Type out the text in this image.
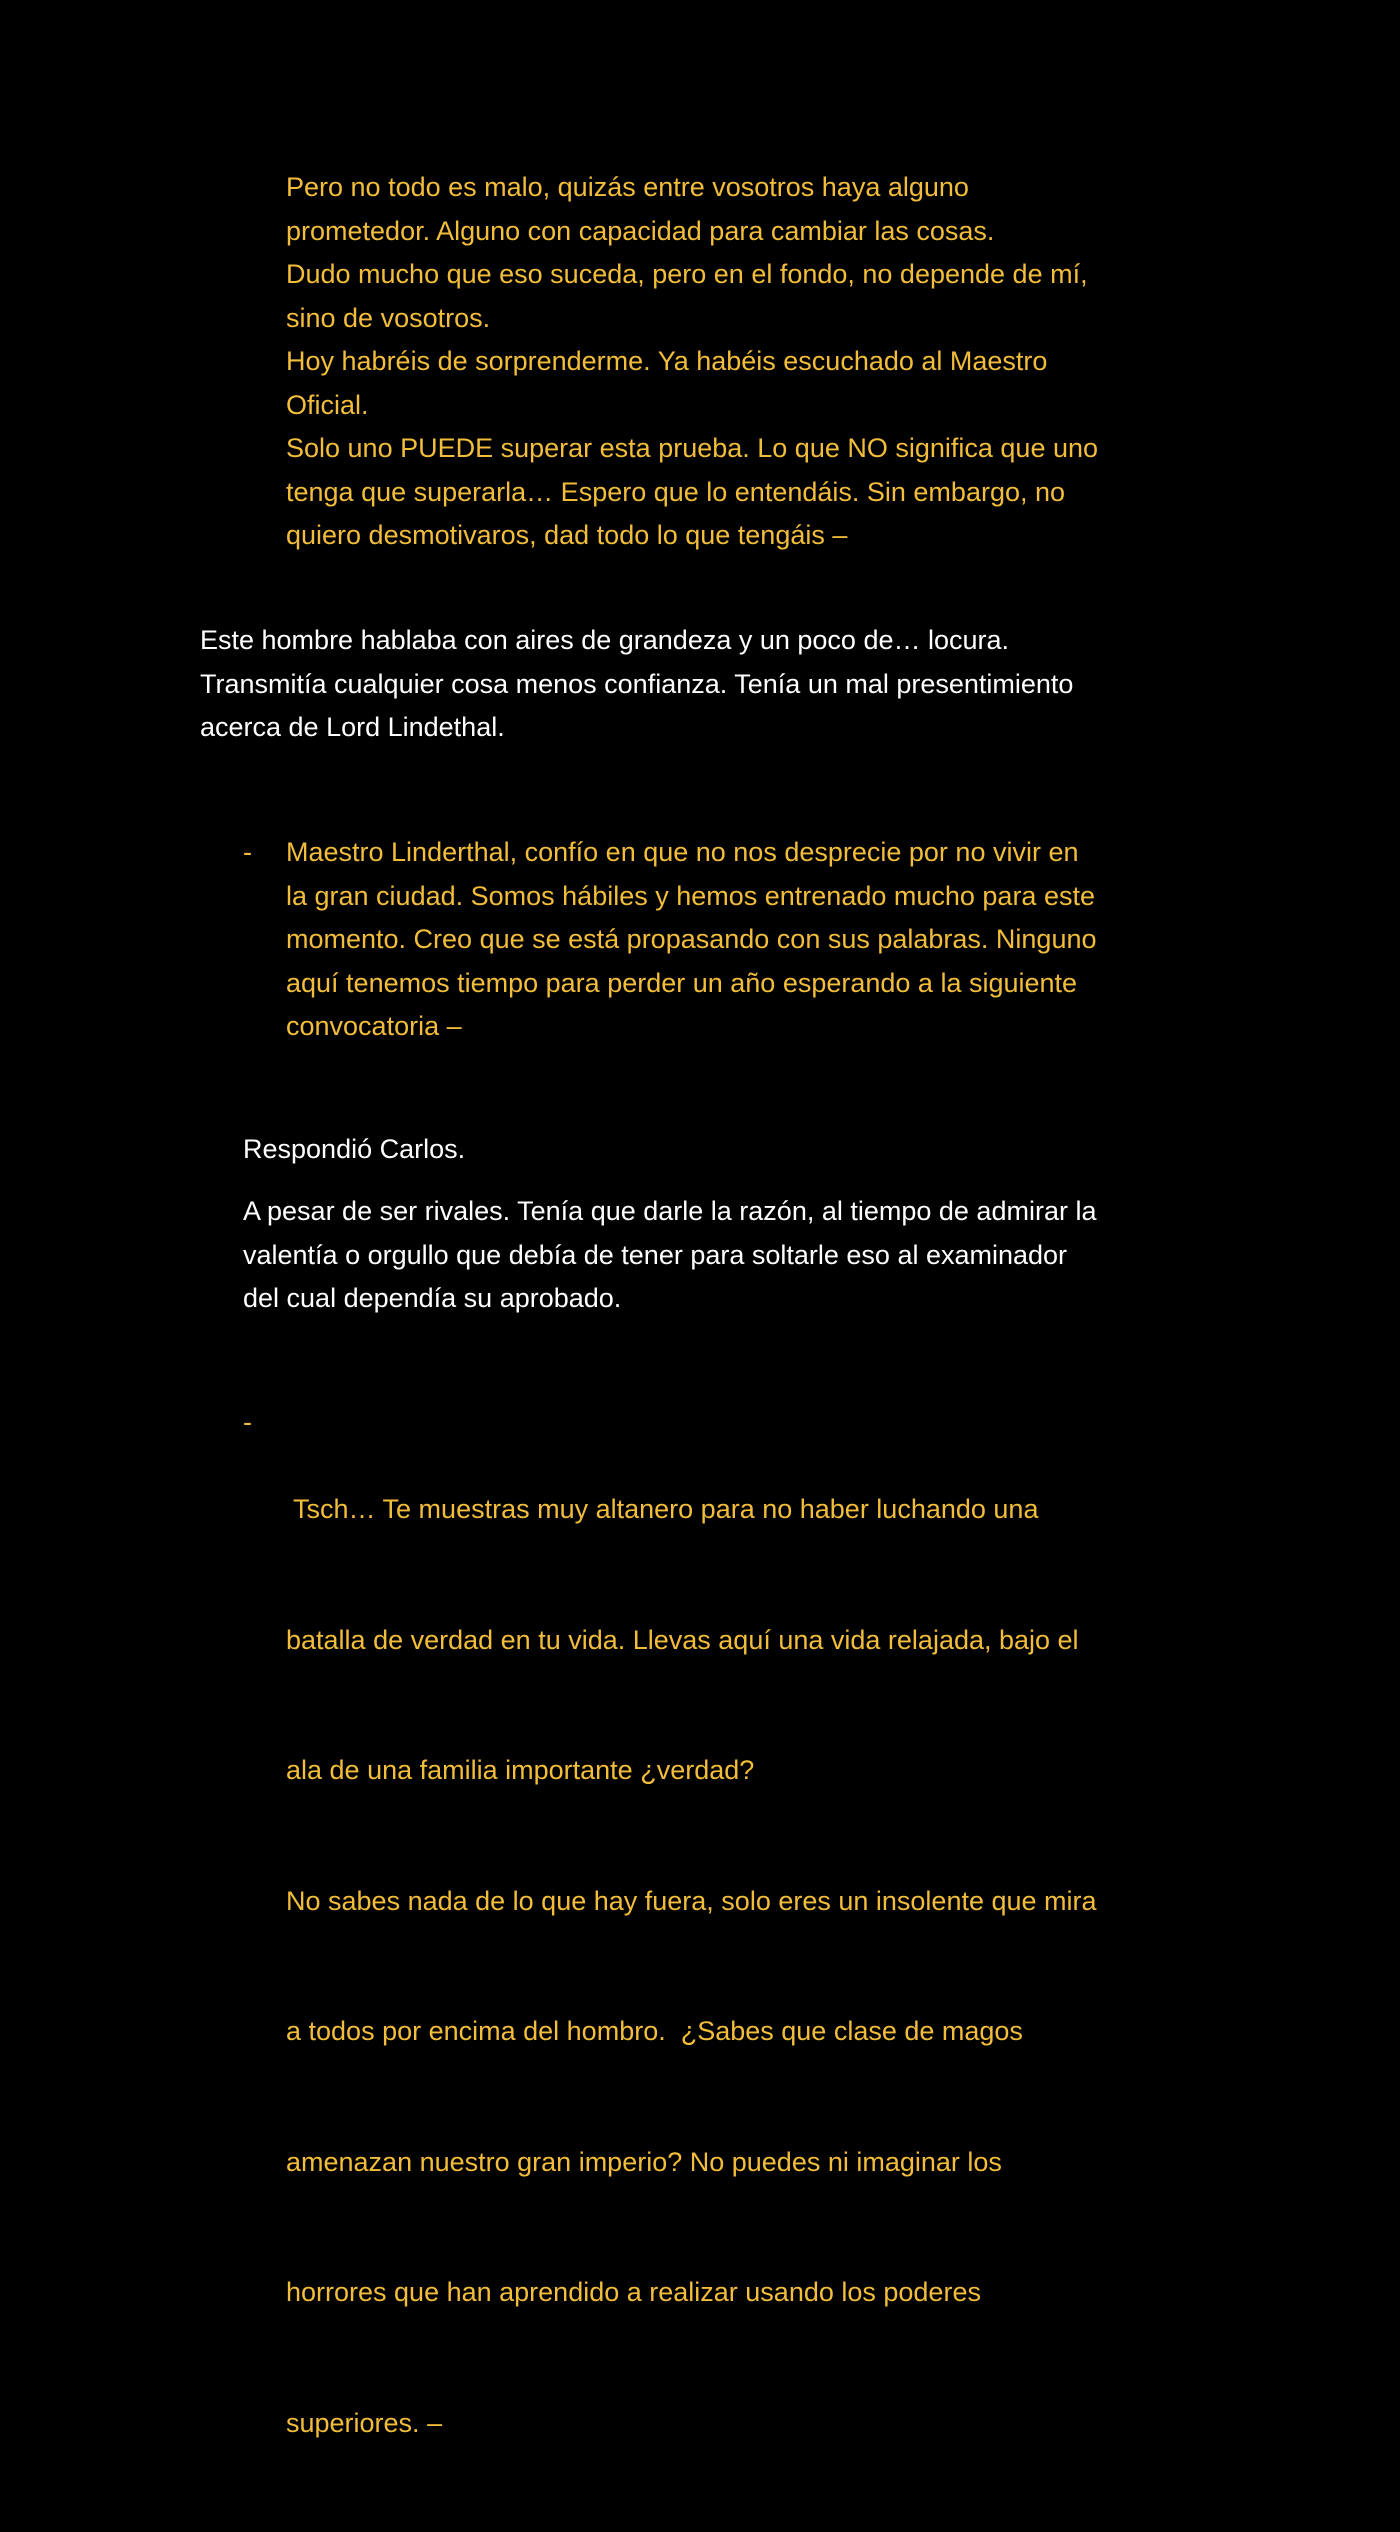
Pero no todo es malo, quizás entre vosotros haya alguno
prometedor. Alguno con capacidad para cambiar las cosas.
Dudo mucho que eso suceda, pero en el fondo, no depende de mí,
sino de vosotros.
Hoy habréis de sorprenderme. Ya habéis escuchado al Maestro
Oficial.
Solo uno PUEDE superar esta prueba. Lo que NO significa que uno
tenga que superarla… Espero que lo entendáis. Sin embargo, no
quiero desmotivaros, dad todo lo que tengáis –
Este hombre hablaba con aires de grandeza y un poco de… locura.
Transmitía cualquier cosa menos confianza. Tenía un mal presentimiento
acerca de Lord Lindethal.
- Maestro Linderthal, confío en que no nos desprecie por no vivir en
la gran ciudad. Somos hábiles y hemos entrenado mucho para este
momento. Creo que se está propasando con sus palabras. Ninguno
aquí tenemos tiempo para perder un año esperando a la siguiente
convocatoria –
Respondió Carlos.
A pesar de ser rivales. Tenía que darle la razón, al tiempo de admirar la
valentía o orgullo que debía de tener para soltarle eso al examinador
del cual dependía su aprobado.
-

Tsch… Te muestras muy altanero para no haber luchando una

batalla de verdad en tu vida. Llevas aquí una vida relajada, bajo el

ala de una familia importante ¿verdad?

No sabes nada de lo que hay fuera, solo eres un insolente que mira

a todos por encima del hombro.  ¿Sabes que clase de magos

amenazan nuestro gran imperio? No puedes ni imaginar los

horrores que han aprendido a realizar usando los poderes

superiores. –
